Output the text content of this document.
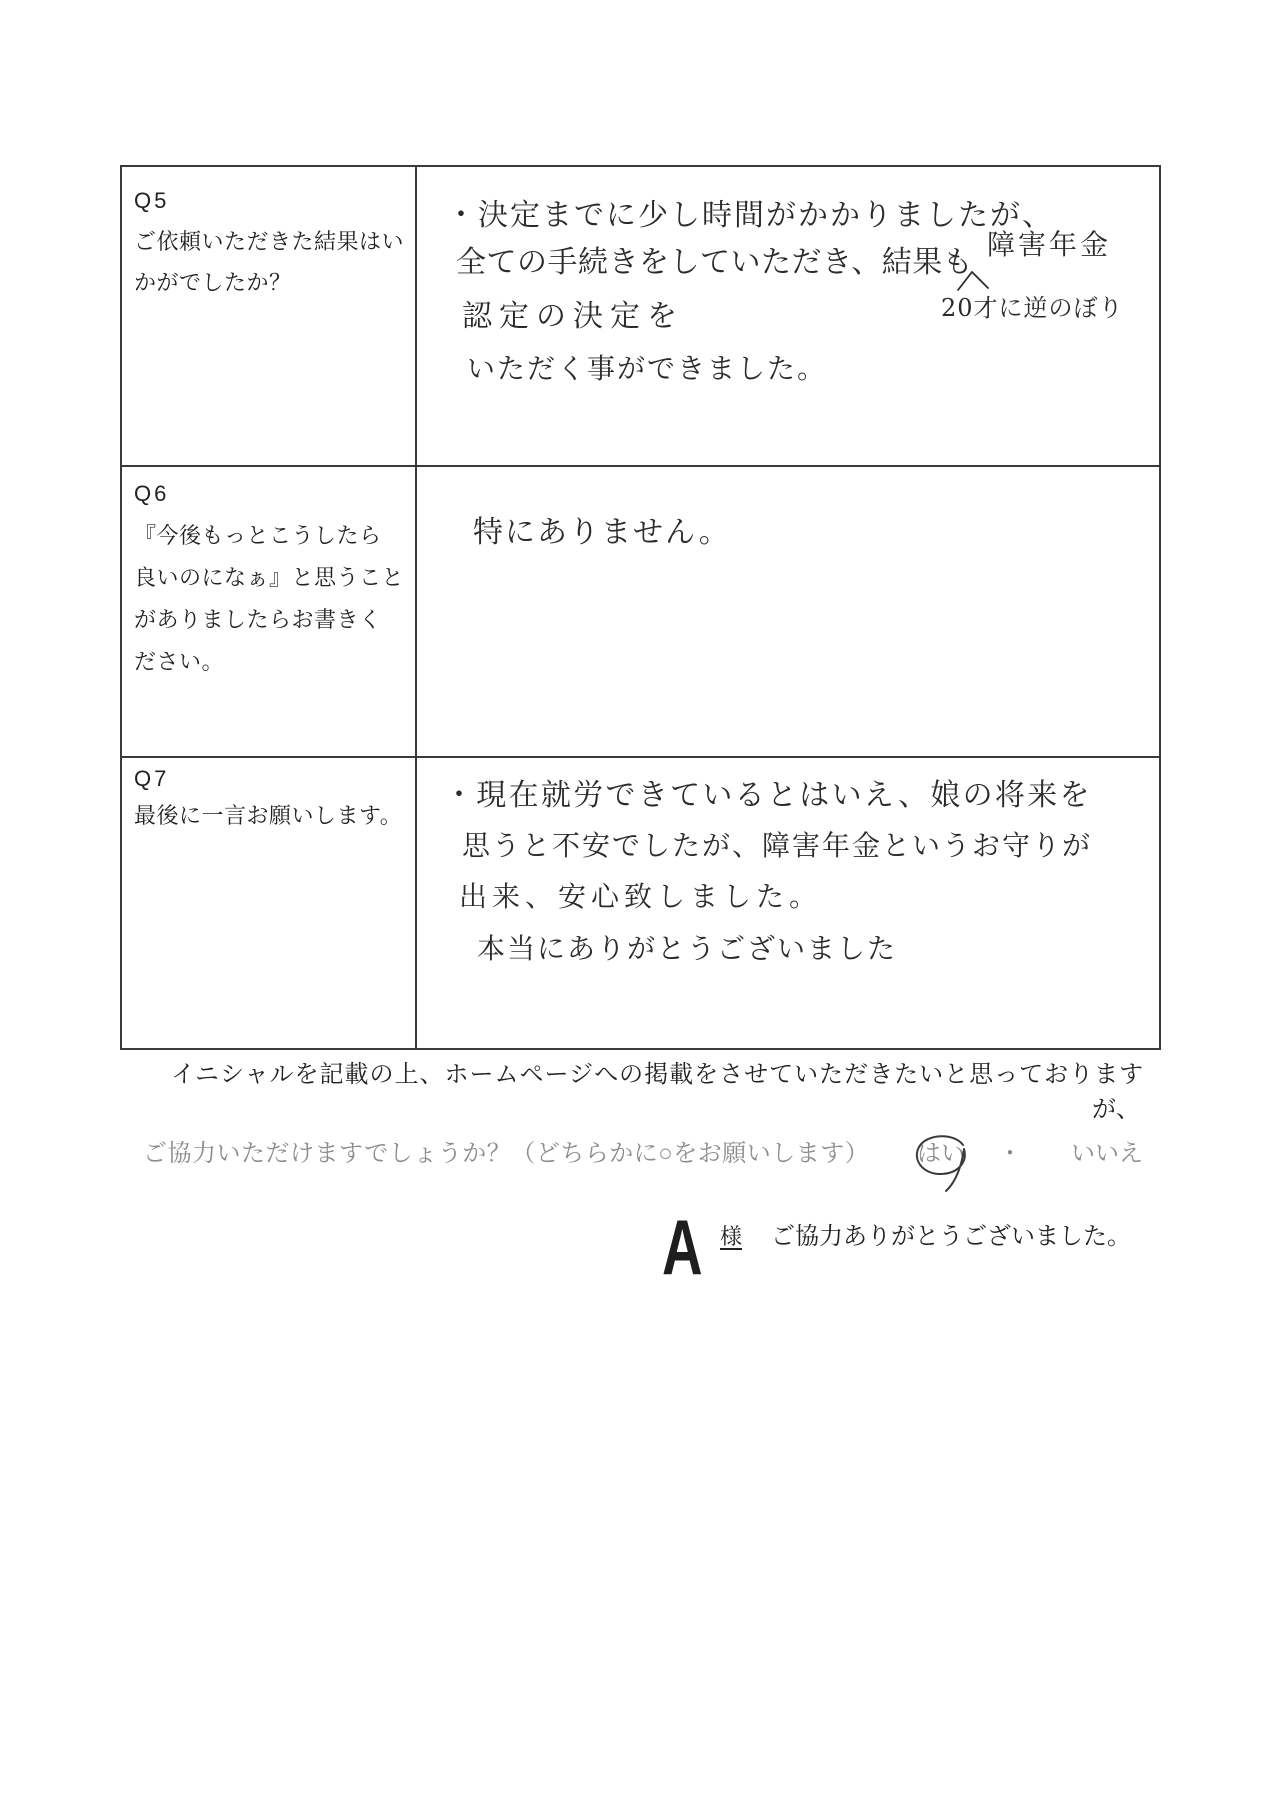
Q5
ご依頼いただきた結果はい
かがでしたか？
・決定までに少し時間がかかりましたが、
全ての手続きをしていただき、結果も
障害年金
20才に逆のぼり
認定の決定を
いただく事ができました。
Q6
『今後もっとこうしたら
良いのになぁ』と思うこと
がありましたらお書きく
ださい。
特にありません。
Q7
最後に一言お願いします。
・現在就労できているとはいえ、娘の将来を
思うと不安でしたが、障害年金というお守りが
出来、安心致しました。
本当にありがとうございました
イニシャルを記載の上、ホームページへの掲載をさせていただきたいと思っております
が、
ご協力いただけますでしょうか？（どちらかに○をお願いします） はい ・ いいえ
A 様 ご協力ありがとうございました。
